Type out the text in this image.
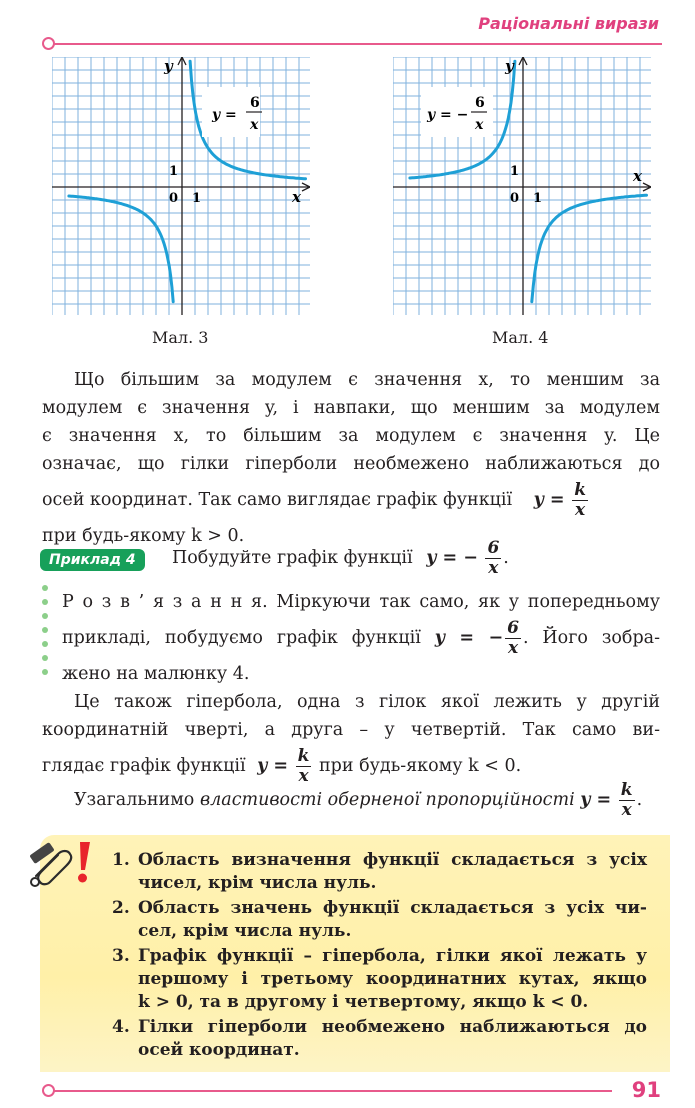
Раціональні вирази
y
x
0 1
1
y =
6
x
Мал. 3
y
x
0 1
1
y = −
6
x
Мал. 4
Що більшим за модулем є значення x, то меншим за
модулем є значення y, і навпаки, що меншим за модулем
є значення x, то більшим за модулем є значення y. Це
означає, що гілки гіперболи необмежено наближаються до
осей координат. Так само виглядає графік функції $y = \frac{k}{x}$
при будь-якому k > 0.
Приклад 4	Побудуйте графік функції y = − $\frac{6}{x}$ .
Р о з в ’ я з а н н я. Міркуючи так само, як у попередньому
прикладі, побудуємо графік функції y = − $\frac{6}{x}$ . Його зобра-
жено на малюнку 4.
Це також гіпербола, одна з гілок якої лежить у другій
координатній чверті, а друга – у четвертій. Так само ви-
глядає графік функції $y = \frac{k}{x}$ при будь-якому k < 0.
Узагальнимо властивості оберненої пропорційності $y = \frac{k}{x}$ .
1. Область визначення функції складається з усіх
чисел, крім числа нуль.
2. Область значень функції складається з усіх чи-
сел, крім числа нуль.
3. Графік функції – гіпербола, гілки якої лежать у
першому і третьому координатних кутах, якщо
k > 0, та в другому і четвертому, якщо k < 0.
4. Гілки гіперболи необмежено наближаються до
осей координат.
91
